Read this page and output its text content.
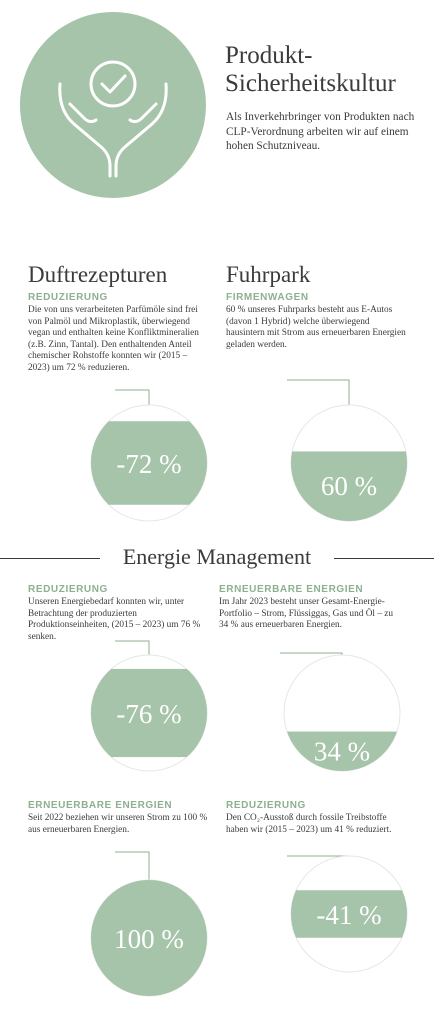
Produkt-
Sicherheitskultur
Als Inverkehrbringer von Produkten nach CLP-Verordnung arbeiten wir auf einem hohen Schutzniveau.
Duftrezepturen	Fuhrpark
Energie Management
REDUZIERUNG
Die von uns verarbeiteten Parfümöle sind frei von Palmöl und Mikroplastik, überwiegend vegan und enthalten keine Konfliktmineralien (z.B. Zinn, Tantal). Den enthaltenden Anteil chemischer Rohstoffe konnten wir (2015 – 2023) um 72 % reduzieren.
FIRMENWAGEN
60 % unseres Fuhrparks besteht aus E-Autos (davon 1 Hybrid) welche überwiegend hausintern mit Strom aus erneuerbaren Energien geladen werden.
REDUZIERUNG
Unseren Energiebedarf konnten wir, unter Betrachtung der produzierten Produktionseinheiten, (2015 – 2023) um 76 % senken.
ERNEUERBARE ENERGIEN
Im Jahr 2023 besteht unser Gesamt-Energie-Portfolio – Strom, Flüssiggas, Gas und Öl – zu 34 % aus erneuerbaren Energien.
ERNEUERBARE ENERGIEN
Seit 2022 beziehen wir unseren Strom zu 100 % aus erneuerbaren Energien.
REDUZIERUNG
Den CO₂-Ausstoß durch fossile Treibstoffe haben wir (2015 – 2023) um 41 % reduziert.
-72 %
60 %
-76 %
34 %
100 %
-41 %
